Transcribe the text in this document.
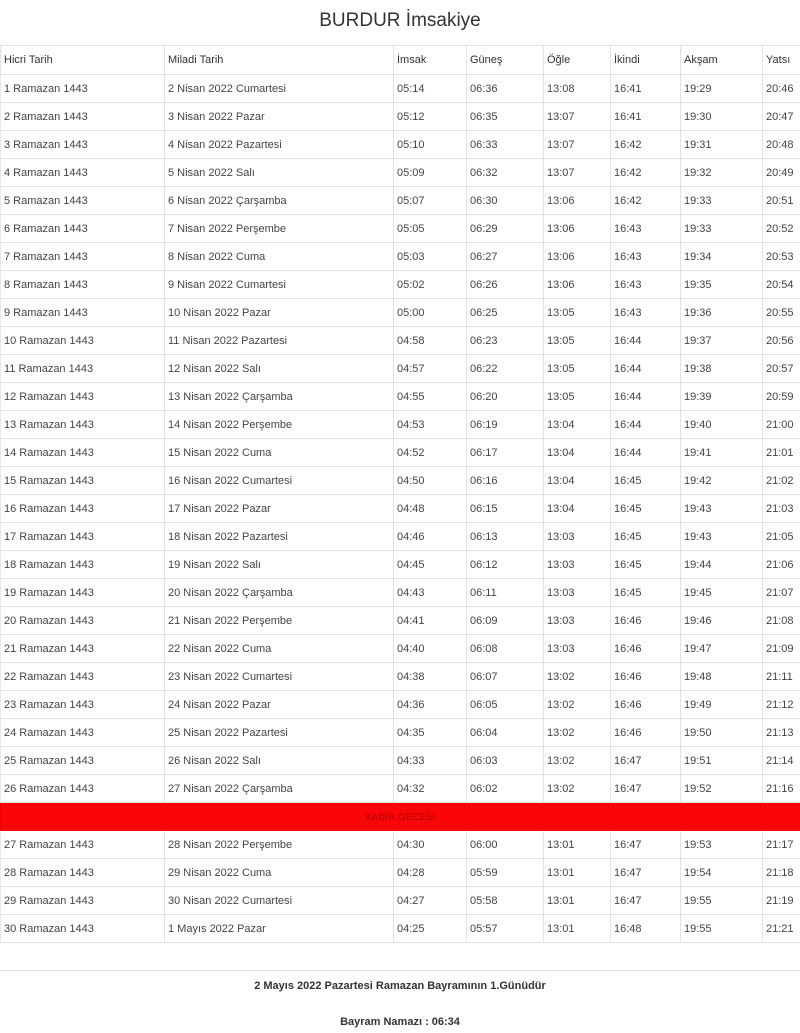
BURDUR İmsakiye
Hicri Tarih	Miladi Tarih	İmsak	Güneş	Öğle	İkindi	Akşam	Yatsı
1 Ramazan 1443	2 Nisan 2022 Cumartesi	05:14	06:36	13:08	16:41	19:29	20:46
2 Ramazan 1443	3 Nisan 2022 Pazar	05:12	06:35	13:07	16:41	19:30	20:47
3 Ramazan 1443	4 Nisan 2022 Pazartesi	05:10	06:33	13:07	16:42	19:31	20:48
4 Ramazan 1443	5 Nisan 2022 Salı	05:09	06:32	13:07	16:42	19:32	20:49
5 Ramazan 1443	6 Nisan 2022 Çarşamba	05:07	06:30	13:06	16:42	19:33	20:51
6 Ramazan 1443	7 Nisan 2022 Perşembe	05:05	06:29	13:06	16:43	19:33	20:52
7 Ramazan 1443	8 Nisan 2022 Cuma	05:03	06:27	13:06	16:43	19:34	20:53
8 Ramazan 1443	9 Nisan 2022 Cumartesi	05:02	06:26	13:06	16:43	19:35	20:54
9 Ramazan 1443	10 Nisan 2022 Pazar	05:00	06:25	13:05	16:43	19:36	20:55
10 Ramazan 1443	11 Nisan 2022 Pazartesi	04:58	06:23	13:05	16:44	19:37	20:56
11 Ramazan 1443	12 Nisan 2022 Salı	04:57	06:22	13:05	16:44	19:38	20:57
12 Ramazan 1443	13 Nisan 2022 Çarşamba	04:55	06:20	13:05	16:44	19:39	20:59
13 Ramazan 1443	14 Nisan 2022 Perşembe	04:53	06:19	13:04	16:44	19:40	21:00
14 Ramazan 1443	15 Nisan 2022 Cuma	04:52	06:17	13:04	16:44	19:41	21:01
15 Ramazan 1443	16 Nisan 2022 Cumartesi	04:50	06:16	13:04	16:45	19:42	21:02
16 Ramazan 1443	17 Nisan 2022 Pazar	04:48	06:15	13:04	16:45	19:43	21:03
17 Ramazan 1443	18 Nisan 2022 Pazartesi	04:46	06:13	13:03	16:45	19:43	21:05
18 Ramazan 1443	19 Nisan 2022 Salı	04:45	06:12	13:03	16:45	19:44	21:06
19 Ramazan 1443	20 Nisan 2022 Çarşamba	04:43	06:11	13:03	16:45	19:45	21:07
20 Ramazan 1443	21 Nisan 2022 Perşembe	04:41	06:09	13:03	16:46	19:46	21:08
21 Ramazan 1443	22 Nisan 2022 Cuma	04:40	06:08	13:03	16:46	19:47	21:09
22 Ramazan 1443	23 Nisan 2022 Cumartesi	04:38	06:07	13:02	16:46	19:48	21:11
23 Ramazan 1443	24 Nisan 2022 Pazar	04:36	06:05	13:02	16:46	19:49	21:12
24 Ramazan 1443	25 Nisan 2022 Pazartesi	04:35	06:04	13:02	16:46	19:50	21:13
25 Ramazan 1443	26 Nisan 2022 Salı	04:33	06:03	13:02	16:47	19:51	21:14
26 Ramazan 1443	27 Nisan 2022 Çarşamba	04:32	06:02	13:02	16:47	19:52	21:16
KADİR GECESİ							
27 Ramazan 1443	28 Nisan 2022 Perşembe	04:30	06:00	13:01	16:47	19:53	21:17
28 Ramazan 1443	29 Nisan 2022 Cuma	04:28	05:59	13:01	16:47	19:54	21:18
29 Ramazan 1443	30 Nisan 2022 Cumartesi	04:27	05:58	13:01	16:47	19:55	21:19
30 Ramazan 1443	1 Mayıs 2022 Pazar	04:25	05:57	13:01	16:48	19:55	21:21
2 Mayıs 2022 Pazartesi Ramazan Bayramının 1.Günüdür
Bayram Namazı : 06:34
